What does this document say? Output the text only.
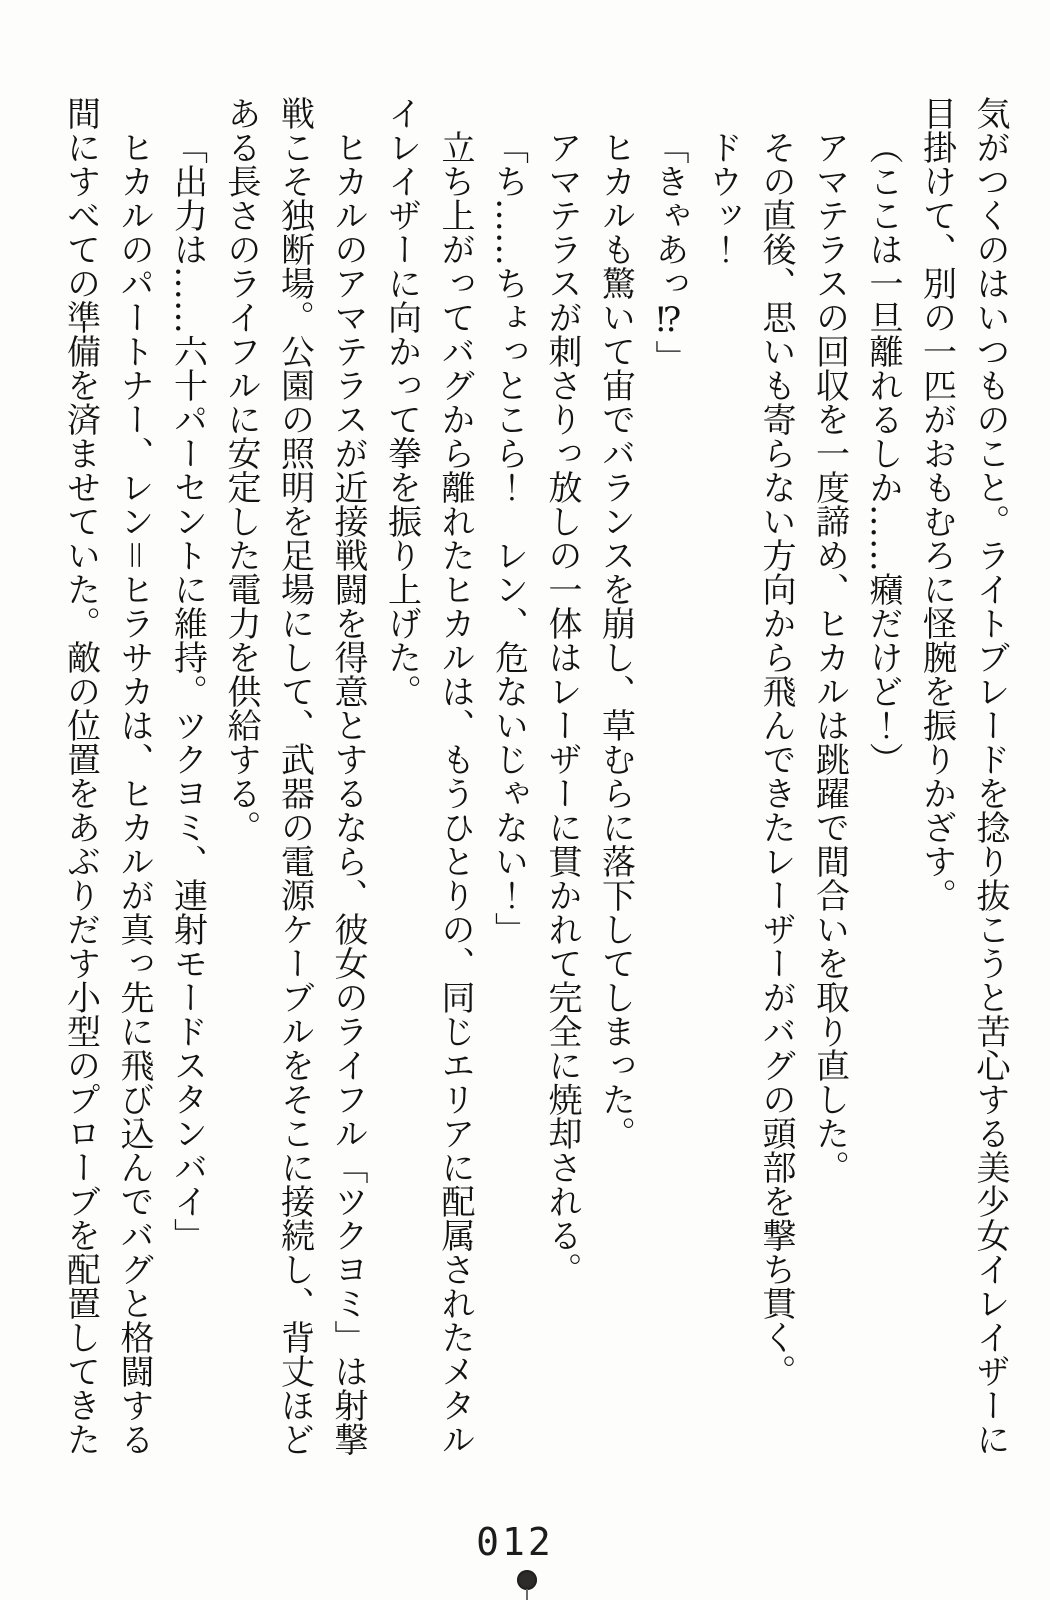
気がつくのはいつものこと。ライトブレードを捻り抜こうと苦心する美少女イレイザーに目掛けて、別の一匹がおもむろに怪腕を振りかざす。

（ここは一旦離れるしか……癪だけど！）

アマテラスの回収を一度諦め、ヒカルは跳躍で間合いを取り直した。

その直後、思いも寄らない方向から飛んできたレーザーがバグの頭部を撃ち貫く。

ドウッ！

「きゃあっ⁉」

ヒカルも驚いて宙でバランスを崩し、草むらに落下してしまった。

アマテラスが刺さりっ放しの一体はレーザーに貫かれて完全に焼却される。

「ち……ちょっとこら！　レン、危ないじゃない！」

立ち上がってバグから離れたヒカルは、もうひとりの、同じエリアに配属されたメタルイレイザーに向かって拳を振り上げた。

ヒカルのアマテラスが近接戦闘を得意とするなら、彼女のライフル「ツクヨミ」は射撃戦こそ独断場。公園の照明を足場にして、武器の電源ケーブルをそこに接続し、背丈ほどある長さのライフルに安定した電力を供給する。

「出力は……六十パーセントに維持。ツクヨミ、連射モードスタンバイ」

ヒカルのパートナー、レン＝ヒラサカは、ヒカルが真っ先に飛び込んでバグと格闘する間にすべての準備を済ませていた。敵の位置をあぶりだす小型のプローブを配置してきた

012
